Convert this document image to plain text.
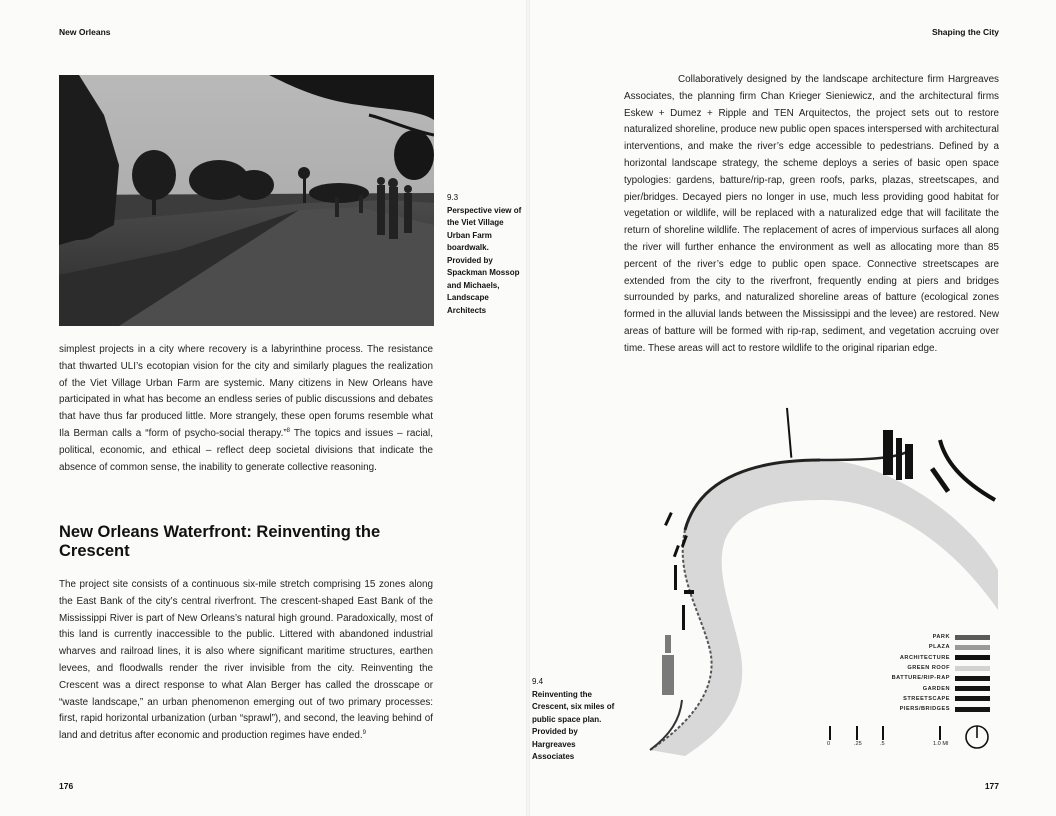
New Orleans
9.3
Perspective view of the Viet Village Urban Farm boardwalk. Provided by Spackman Mossop and Michaels, Landscape Architects

simplest projects in a city where recovery is a labyrinthine process. The resistance that thwarted ULI’s ecotopian vision for the city and similarly plagues the realization of the Viet Village Urban Farm are systemic. Many citizens in New Orleans have participated in what has become an endless series of public discussions and debates that have thus far produced little. More strangely, these open forums resemble what Ila Berman calls a “form of psycho-social therapy.”$^8$ The topics and issues – racial, political, economic, and ethical – reflect deep societal divisions that indicate the absence of common sense, the inability to generate collective reasoning.

New Orleans Waterfront: Reinventing the Crescent

The project site consists of a continuous six-mile stretch comprising 15 zones along the East Bank of the city’s central riverfront. The crescent-shaped East Bank of the Mississippi River is part of New Orleans’s natural high ground. Paradoxically, most of this land is currently inaccessible to the public. Littered with abandoned industrial wharves and railroad lines, it is also where significant maritime structures, earthen levees, and floodwalls render the river invisible from the city. Reinventing the Crescent was a direct response to what Alan Berger has called the drosscape or “waste landscape,” an urban phenomenon emerging out of two primary processes: first, rapid horizontal urbanization (urban “sprawl”), and second, the leaving behind of land and detritus after economic and production regimes have ended.$^9$

176
Shaping the City

Collaboratively designed by the landscape architecture firm Hargreaves Associates, the planning firm Chan Krieger Sieniewicz, and the architectural firms Eskew + Dumez + Ripple and TEN Arquitectos, the project sets out to restore naturalized shoreline, produce new public open spaces interspersed with architectural interventions, and make the river’s edge accessible to pedestrians. Defined by a horizontal landscape strategy, the scheme deploys a series of basic open space typologies: gardens, batture/rip-rap, green roofs, parks, plazas, streetscapes, and pier/bridges. Decayed piers no longer in use, much less providing good habitat for vegetation or wildlife, will be replaced with a naturalized edge that will facilitate the return of shoreline wildlife. The replacement of acres of impervious surfaces all along the river will further enhance the environment as well as allocating more than 85 percent of the river’s edge to public open space. Connective streetscapes are extended from the city to the riverfront, frequently ending at piers and bridges surrounded by parks, and naturalized shoreline areas of batture (ecological zones formed in the alluvial lands between the Mississippi and the levee) are restored. New areas of batture will be formed with rip-rap, sediment, and vegetation accruing over time. These areas will act to restore wildlife to the original riparian edge.

9.4
Reinventing the Crescent, six miles of public space plan. Provided by Hargreaves Associates
PARK
PLAZA
ARCHITECTURE
GREEN ROOF
BATTURE/RIP-RAP
GARDEN
STREETSCAPE
PIERS/BRIDGES
0	.25	.5	1.0 MI
177
